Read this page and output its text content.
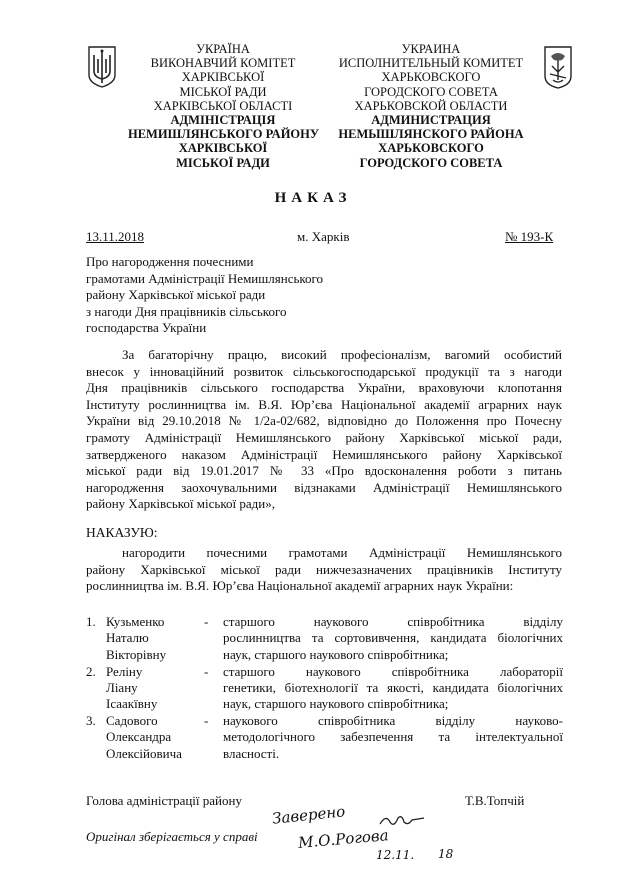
УКРАЇНА
ВИКОНАВЧИЙ КОМІТЕТ
ХАРКІВСЬКОЇ
МІСЬКОЇ РАДИ
ХАРКІВСЬКОЇ ОБЛАСТІ
АДМІНІСТРАЦІЯ
НЕМИШЛЯНСЬКОГО РАЙОНУ
ХАРКІВСЬКОЇ
МІСЬКОЇ РАДИ
УКРАИНА
ИСПОЛНИТЕЛЬНЫЙ КОМИТЕТ
ХАРЬКОВСКОГО
ГОРОДСКОГО СОВЕТА
ХАРЬКОВСКОЙ ОБЛАСТИ
АДМИНИСТРАЦИЯ
НЕМЫШЛЯНСКОГО РАЙОНА
ХАРЬКОВСКОГО
ГОРОДСКОГО СОВЕТА
НАКАЗ
13.11.2018	м. Харків	№ 193-К
Про нагородження почесними
грамотами Адміністрації Немишлянського
району Харківської міської ради
з нагоди Дня працівників сільського
господарства України
За багаторічну працю, високий професіоналізм, вагомий особистий
внесок у інноваційний розвиток сільськогосподарської продукції та з нагоди
Дня працівників сільського господарства України, враховуючи клопотання
Інституту рослинництва ім. В.Я. Юр’єва Національної академії аграрних наук
України від 29.10.2018 № 1/2а-02/682, відповідно до Положення про Почесну
грамоту Адміністрації Немишлянського району Харківської міської ради,
затвердженого наказом Адміністрації Немишлянського району Харківської
міської ради від 19.01.2017 № 33 «Про вдосконалення роботи з питань
нагородження заохочувальними відзнаками Адміністрації Немишлянського
району Харківської міської ради»,
НАКАЗУЮ:
нагородити почесними грамотами Адміністрації Немишлянського
району Харківської міської ради нижчезазначених працівників Інституту
рослинництва ім. В.Я. Юр’єва Національної академії аграрних наук України:
1. Кузьменко
Наталю
Вікторівну
- старшого наукового співробітника відділу
рослинництва та сортовивчення, кандидата біологічних
наук, старшого наукового співробітника;
2. Реліну
Ліану
Ісаакївну
- старшого наукового співробітника лабораторії
генетики, біотехнології та якості, кандидата біологічних
наук, старшого наукового співробітника;
3. Садового
Олександра
Олексійовича
- наукового співробітника відділу науково-
методологічного забезпечення та інтелектуальної
власності.
Голова адміністрації району	Т.В.Топчій
Оригінал зберігається у справі
Заверено
М.О.Рогова
12.11. 18
